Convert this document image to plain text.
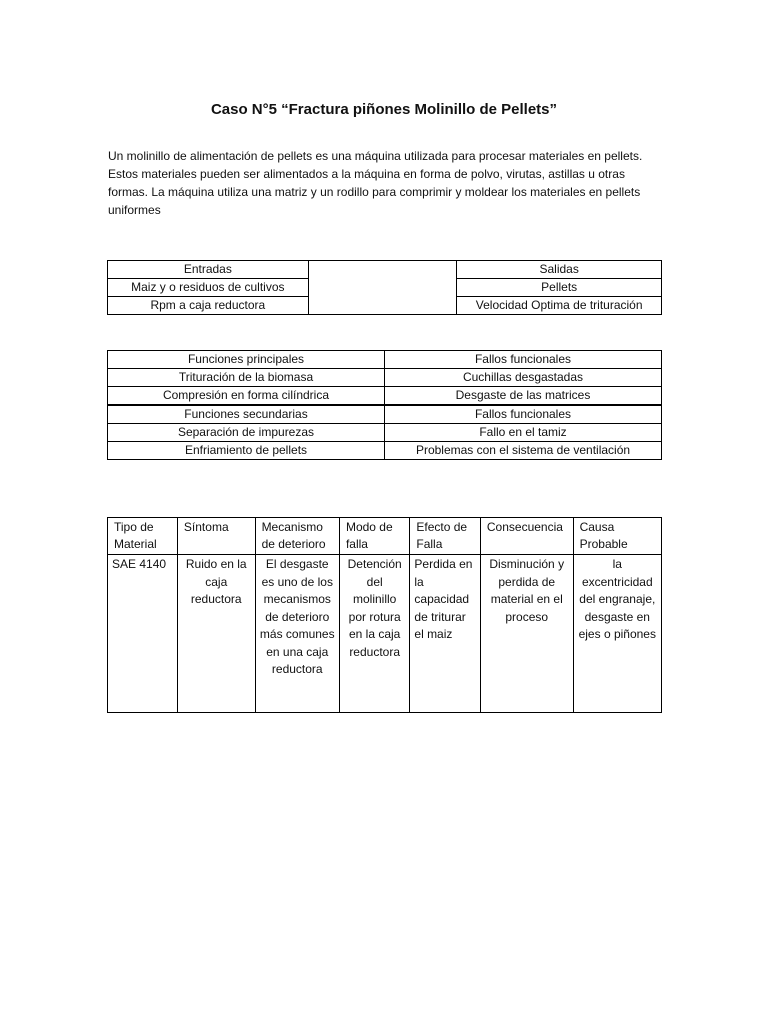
Caso N°5 “Fractura piñones Molinillo de Pellets”
Un molinillo de alimentación de pellets es una máquina utilizada para procesar materiales en pellets. Estos materiales pueden ser alimentados a la máquina en forma de polvo, virutas, astillas u otras formas. La máquina utiliza una matriz y un rodillo para comprimir y moldear los materiales en pellets uniformes
Entradas		Salidas
Maiz y o residuos de cultivos		Pellets
Rpm a caja reductora		Velocidad Optima de trituración
Funciones principales	Fallos funcionales
Trituración de la biomasa	Cuchillas desgastadas
Compresión en forma cilíndrica	Desgaste de las matrices
Funciones secundarias	Fallos funcionales
Separación de impurezas	Fallo en el tamiz
Enfriamiento de pellets	Problemas con el sistema de ventilación
Tipo de Material	Síntoma	Mecanismo de deterioro	Modo de falla	Efecto de Falla	Consecuencia	Causa Probable
SAE 4140	Ruido en la caja reductora	El desgaste es uno de los mecanismos de deterioro más comunes en una caja reductora	Detención del molinillo por rotura en la caja reductora	Perdida en la capacidad de triturar el maiz	Disminución y perdida de material en el proceso	la excentricidad del engranaje, desgaste en ejes o piñones
